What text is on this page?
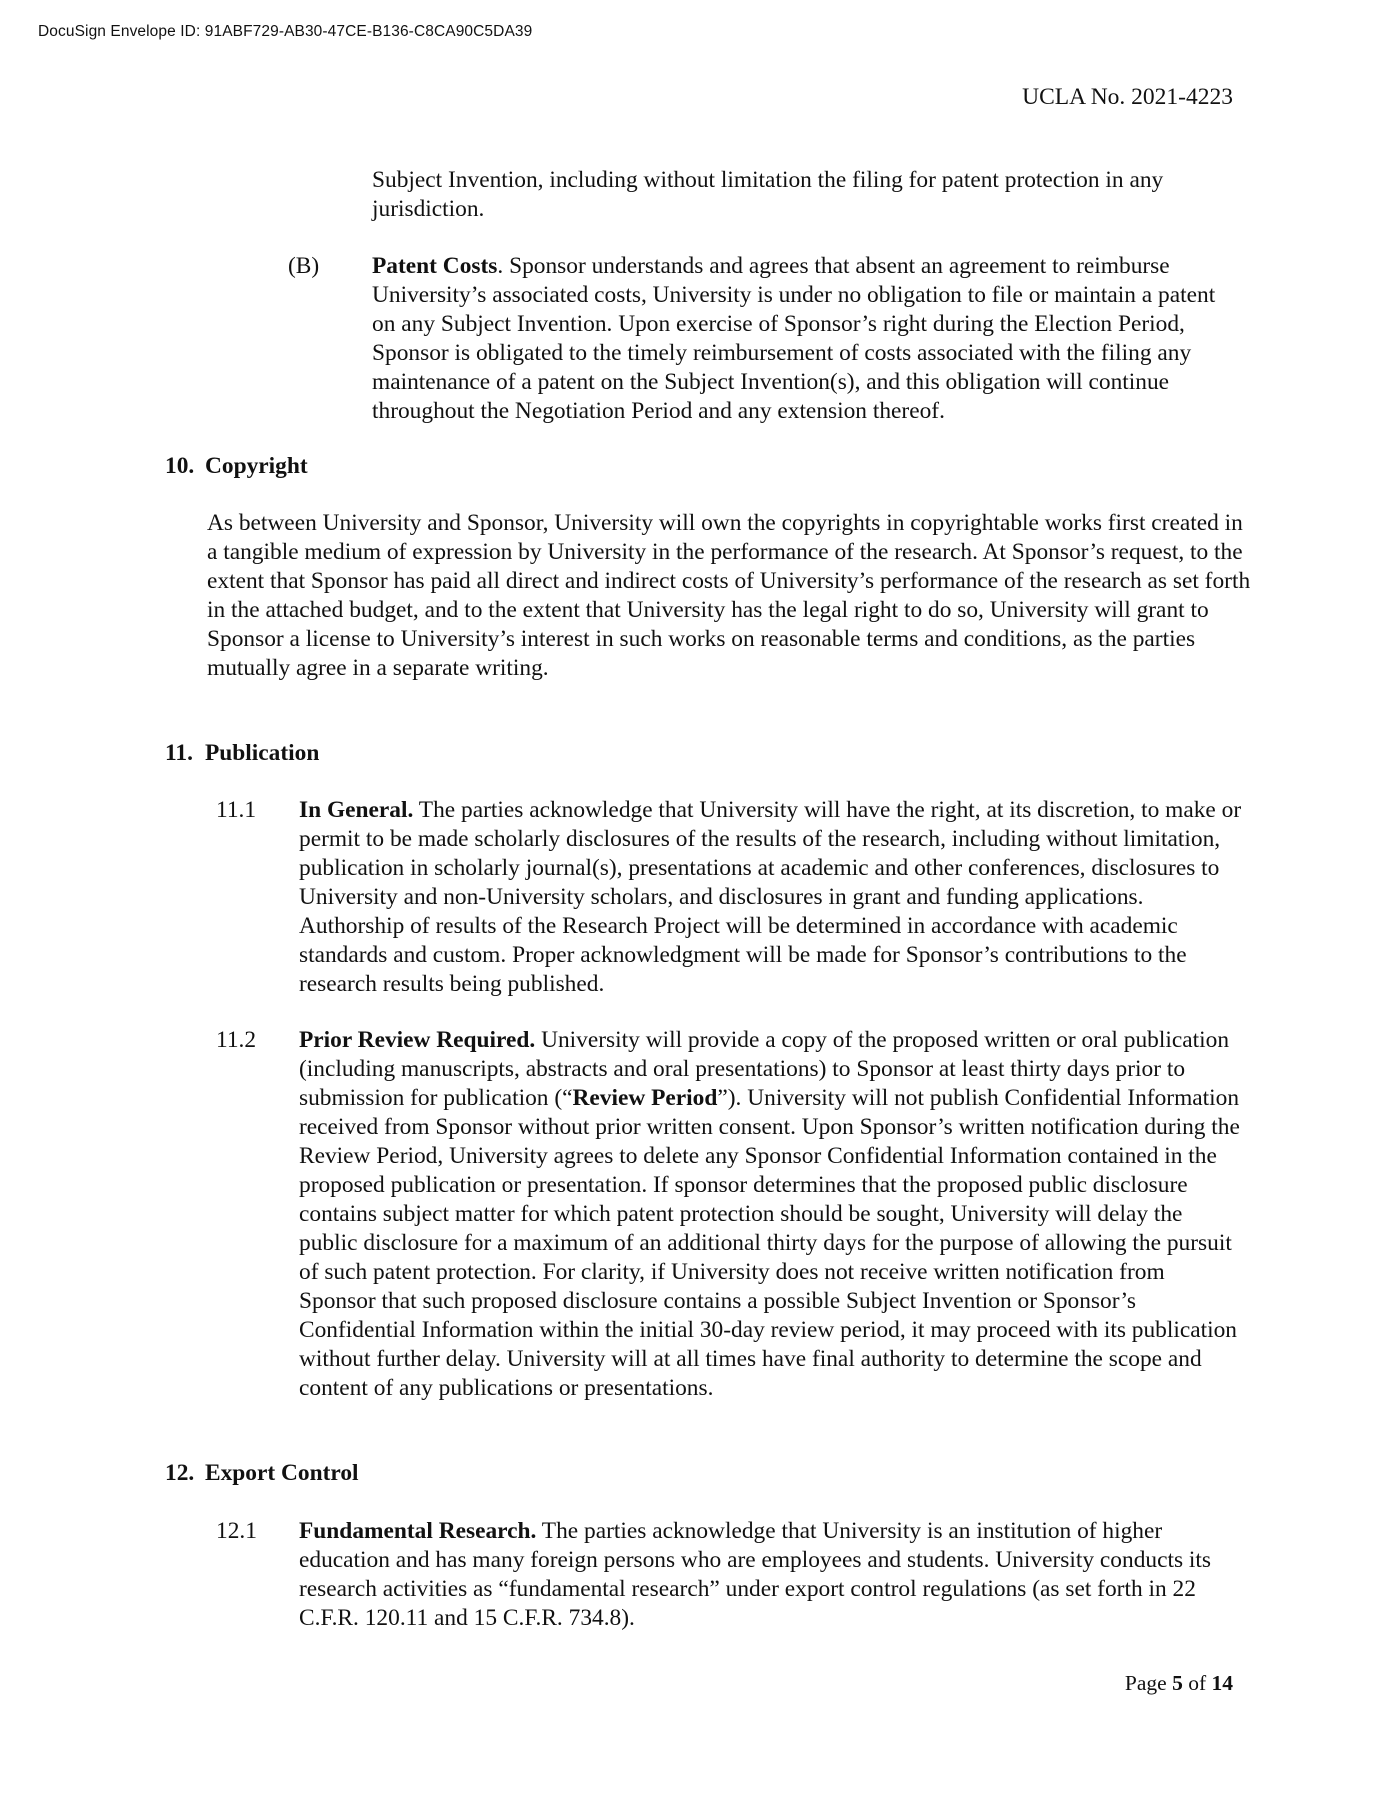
DocuSign Envelope ID: 91ABF729-AB30-47CE-B136-C8CA90C5DA39
UCLA No. 2021-4223

Subject Invention, including without limitation the filing for patent protection in any jurisdiction.

(B) Patent Costs. Sponsor understands and agrees that absent an agreement to reimburse University’s associated costs, University is under no obligation to file or maintain a patent on any Subject Invention. Upon exercise of Sponsor’s right during the Election Period, Sponsor is obligated to the timely reimbursement of costs associated with the filing any maintenance of a patent on the Subject Invention(s), and this obligation will continue throughout the Negotiation Period and any extension thereof.

10. Copyright

As between University and Sponsor, University will own the copyrights in copyrightable works first created in a tangible medium of expression by University in the performance of the research. At Sponsor’s request, to the extent that Sponsor has paid all direct and indirect costs of University’s performance of the research as set forth in the attached budget, and to the extent that University has the legal right to do so, University will grant to Sponsor a license to University’s interest in such works on reasonable terms and conditions, as the parties mutually agree in a separate writing.

11. Publication
11.1 In General. The parties acknowledge that University will have the right, at its discretion, to make or permit to be made scholarly disclosures of the results of the research, including without limitation, publication in scholarly journal(s), presentations at academic and other conferences, disclosures to University and non-University scholars, and disclosures in grant and funding applications. Authorship of results of the Research Project will be determined in accordance with academic standards and custom. Proper acknowledgment will be made for Sponsor’s contributions to the research results being published.

11.2 Prior Review Required. University will provide a copy of the proposed written or oral publication (including manuscripts, abstracts and oral presentations) to Sponsor at least thirty days prior to submission for publication (“Review Period”). University will not publish Confidential Information received from Sponsor without prior written consent. Upon Sponsor’s written notification during the Review Period, University agrees to delete any Sponsor Confidential Information contained in the proposed publication or presentation. If sponsor determines that the proposed public disclosure contains subject matter for which patent protection should be sought, University will delay the public disclosure for a maximum of an additional thirty days for the purpose of allowing the pursuit of such patent protection. For clarity, if University does not receive written notification from Sponsor that such proposed disclosure contains a possible Subject Invention or Sponsor’s Confidential Information within the initial 30-day review period, it may proceed with its publication without further delay. University will at all times have final authority to determine the scope and content of any publications or presentations.

12. Export Control
12.1 Fundamental Research. The parties acknowledge that University is an institution of higher education and has many foreign persons who are employees and students. University conducts its research activities as “fundamental research” under export control regulations (as set forth in 22 C.F.R. 120.11 and 15 C.F.R. 734.8).

Page 5 of 14
